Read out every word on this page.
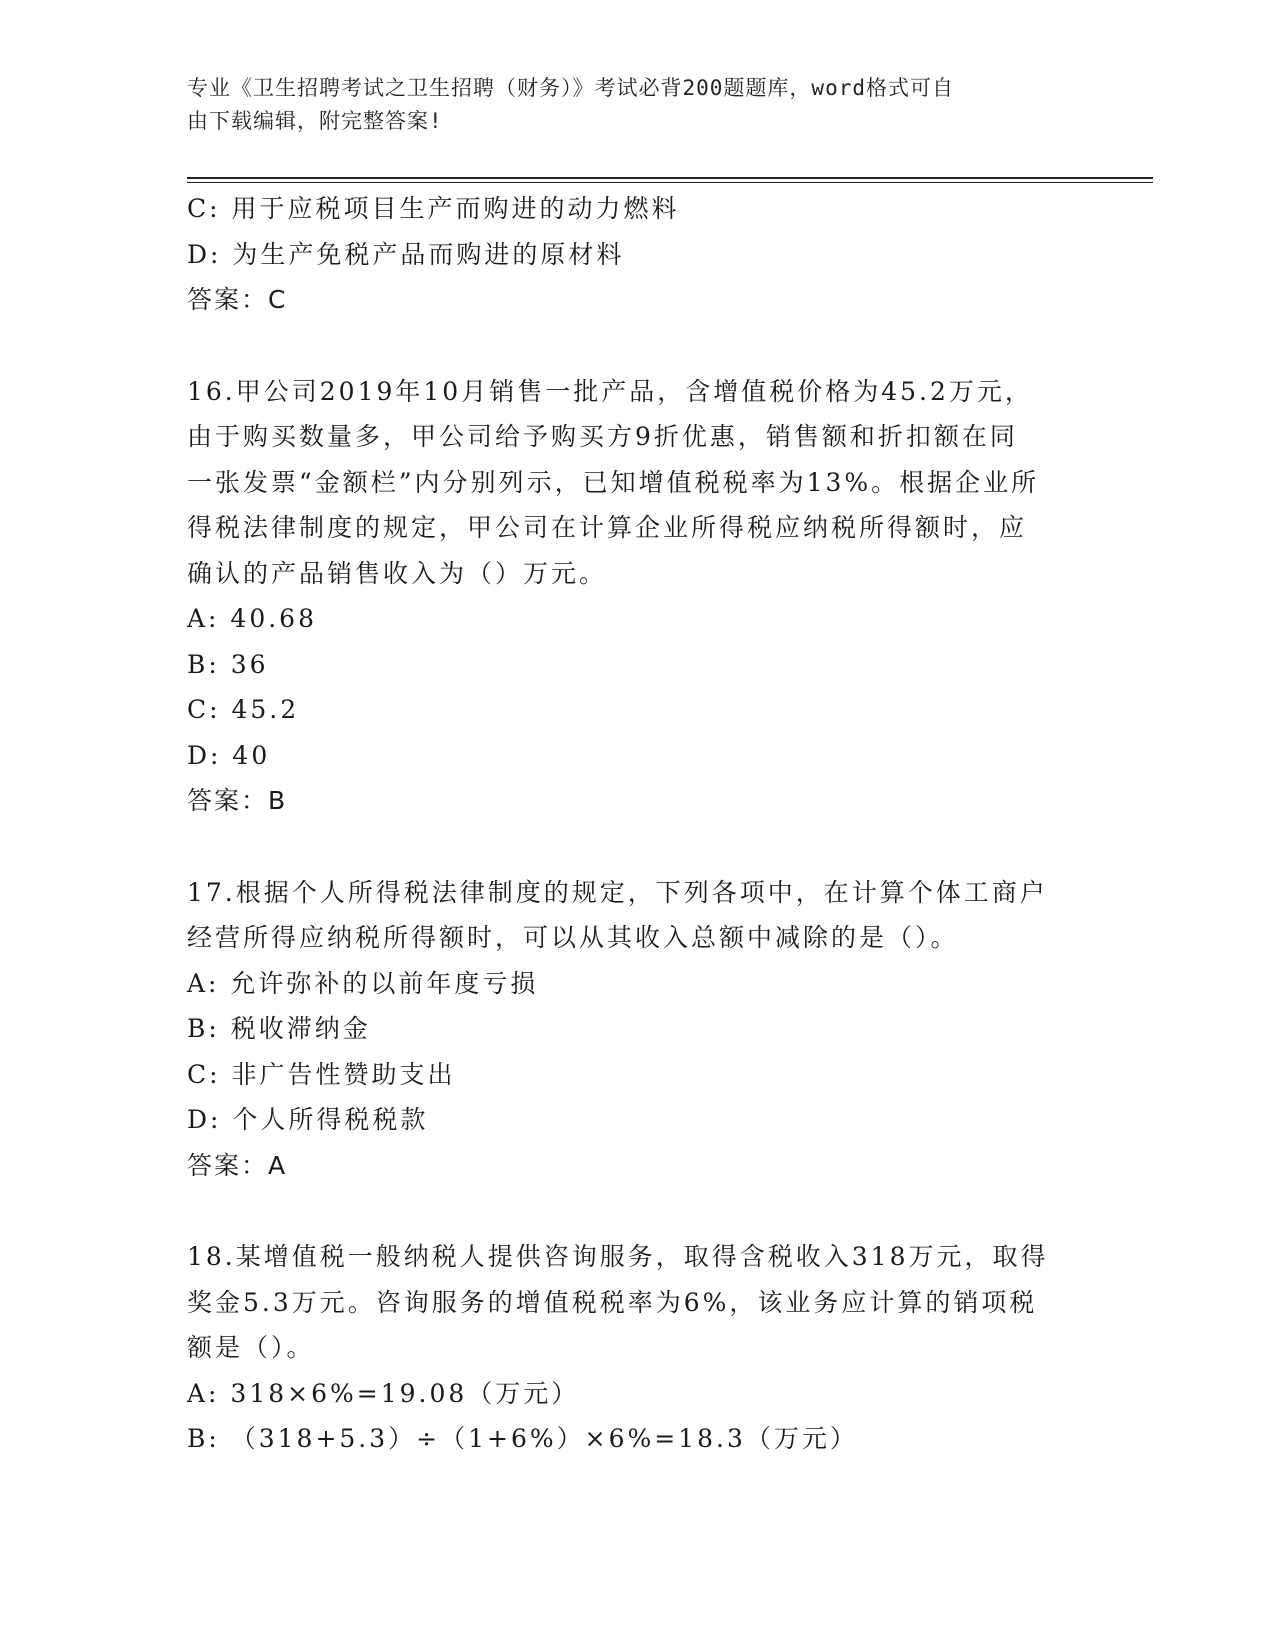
专业《卫生招聘考试之卫生招聘（财务）》考试必背200题题库，word格式可自
由下载编辑，附完整答案!
C: 用于应税项目生产而购进的动力燃料
D: 为生产免税产品而购进的原材料
答案：C
16.甲公司2019年10月销售一批产品，含增值税价格为45.2万元，
由于购买数量多，甲公司给予购买方9折优惠，销售额和折扣额在同
一张发票“金额栏”内分别列示，已知增值税税率为13%。根据企业所
得税法律制度的规定，甲公司在计算企业所得税应纳税所得额时，应
确认的产品销售收入为（）万元。
A: 40.68
B: 36
C: 45.2
D: 40
答案：B
17.根据个人所得税法律制度的规定，下列各项中，在计算个体工商户
经营所得应纳税所得额时，可以从其收入总额中减除的是（）。
A: 允许弥补的以前年度亏损
B: 税收滞纳金
C: 非广告性赞助支出
D: 个人所得税税款
答案：A
18.某增值税一般纳税人提供咨询服务，取得含税收入318万元，取得
奖金5.3万元。咨询服务的增值税税率为6%，该业务应计算的销项税
额是（）。
A: 318×6%=19.08（万元）
B: （318+5.3）÷（1+6%）×6%=18.3（万元）
